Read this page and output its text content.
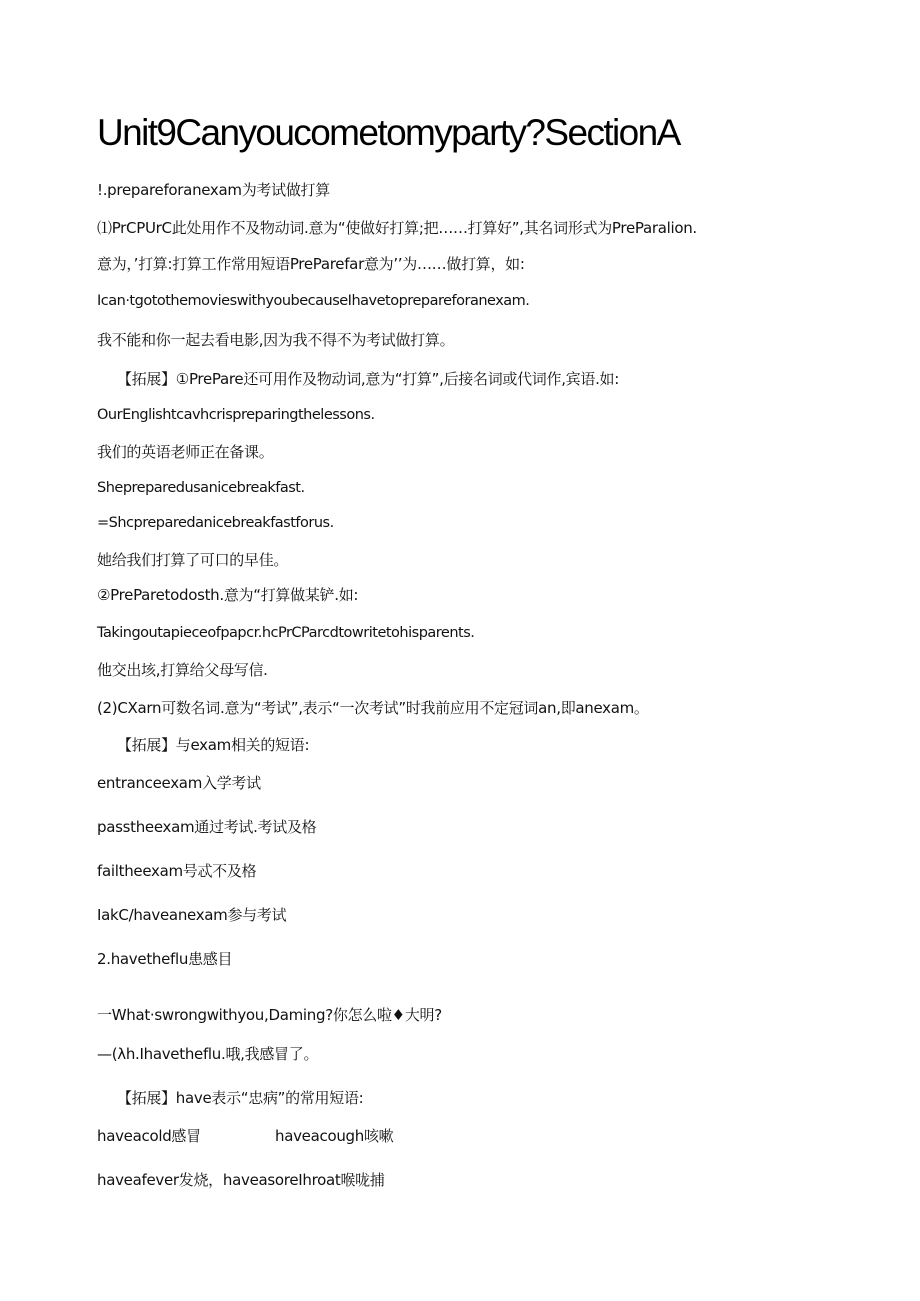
Unit9Canyoucometomyparty?SectionA
!.prepareforanexam为考试做打算
⑴PrCPUrC此处用作不及物动词.意为“使做好打算;把……打算好”,其名词形式为PreParalion.
意为，’打算:打算工作常用短语PreParefar意为’’为……做打算，如:
Ican·tgotothemovieswithyoubecauseIhavetoprepareforanexam.
我不能和你一起去看电影,因为我不得不为考试做打算。
【拓展】①PrePare还可用作及物动词,意为“打算”,后接名词或代词作,宾语.如:
OurEnglishtcavhcrispreparingthelessons.
我们的英语老师正在备课。
Shepreparedusanicebreakfast.
=Shcpreparedanicebreakfastforus.
她给我们打算了可口的早佳。
②PreParetodosth.意为“打算做某铲.如:
Takingoutapieceofpapcr.hcPrCParcdtowritetohisparents.
他交出垓,打算给父母写信.
(2)CXarn可数名词.意为“考试”,表示“一次考试”时我前应用不定冠词an,即anexam。
【拓展】与exam相关的短语:
entranceexam入学考试
passtheexam通过考试.考试及格
failtheexam号忒不及格
IakC/haveanexam参与考试
2.havetheflu患感目
一What·swrongwithyou,Daming?你怎么啦♦大明?
—(λh.Ihavetheflu.哦,我感冒了。
【拓展】have表示“忠病”的常用短语:
haveacold感冒	haveacough咳嗽
haveafever发烧，haveasoreIhroat喉咙捕
